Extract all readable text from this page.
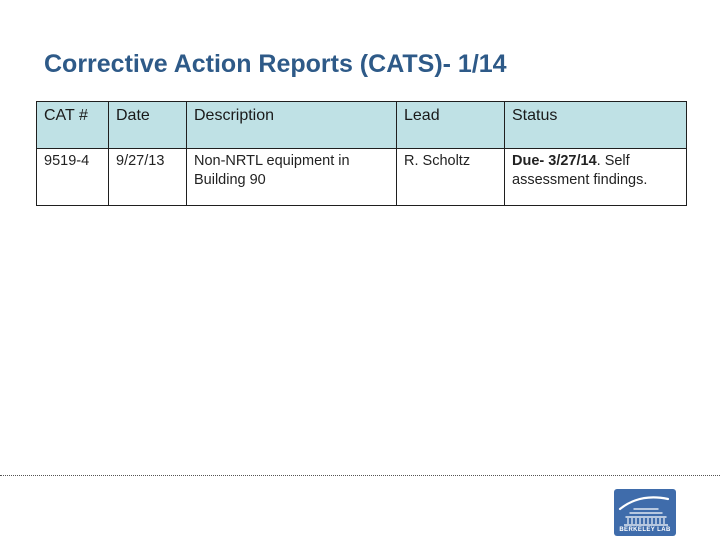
Corrective Action Reports (CATS)- 1/14
CAT #	Date	Description	Lead	Status
9519-4	9/27/13	Non-NRTL equipment in Building 90	R. Scholtz	Due- 3/27/14. Self assessment findings.
BERKELEY LAB
